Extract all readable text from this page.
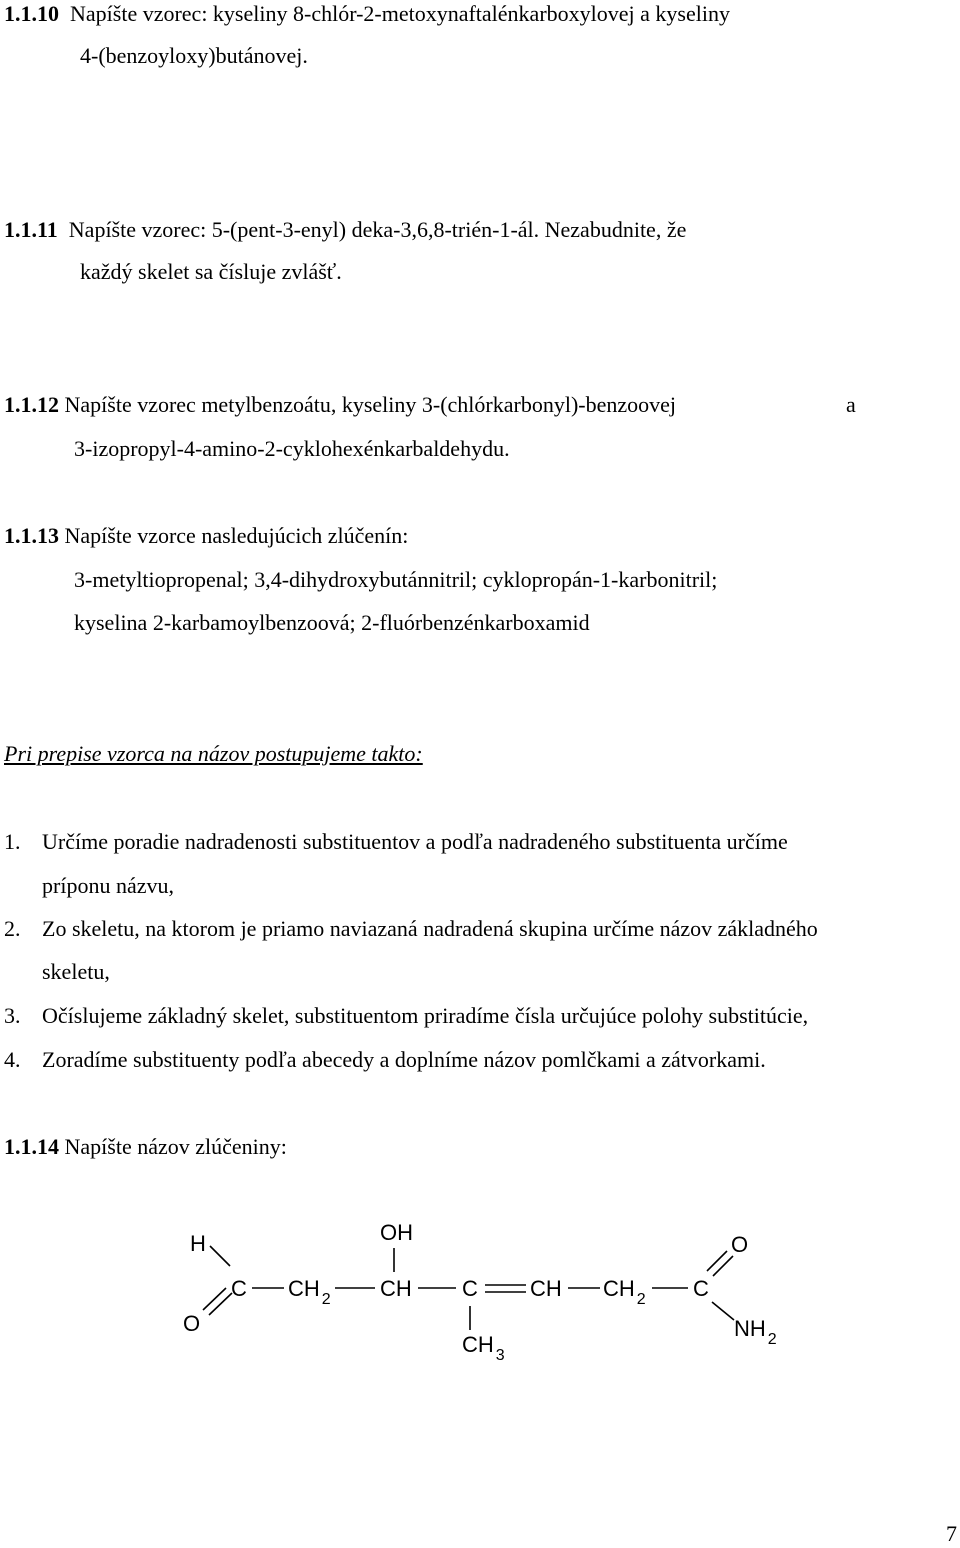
1.1.10 Napíšte vzorec: kyseliny 8-chlór-2-metoxynaftalénkarboxylovej a kyseliny
4-(benzoyloxy)butánovej.
1.1.11 Napíšte vzorec: 5-(pent-3-enyl) deka-3,6,8-trién-1-ál. Nezabudnite, že
každý skelet sa čísluje zvlášť.
1.1.12 Napíšte vzorec metylbenzoátu, kyseliny 3-(chlórkarbonyl)-benzoovej	a
3-izopropyl-4-amino-2-cyklohexénkarbaldehydu.
1.1.13 Napíšte vzorce nasledujúcich zlúčenín:
3-metyltiopropenal; 3,4-dihydroxybutánnitril; cyklopropán-1-karbonitril;
kyselina 2-karbamoylbenzoová; 2-fluórbenzénkarboxamid
Pri prepise vzorca na názov postupujeme takto:
1. Určíme poradie nadradenosti substituentov a podľa nadradeného substituenta určíme
príponu názvu,
2. Zo skeletu, na ktorom je priamo naviazaná nadradená skupina určíme názov základného
skeletu,
3. Očíslujeme základný skelet, substituentom priradíme čísla určujúce polohy substitúcie,
4. Zoradíme substituenty podľa abecedy a doplníme názov pomlčkami a zátvorkami.
1.1.14 Napíšte názov zlúčeniny:
H
O
C CH $_2$
OH
CH C
CH $_3$
CH CH $_2$ C
O
NH $_2$
7
